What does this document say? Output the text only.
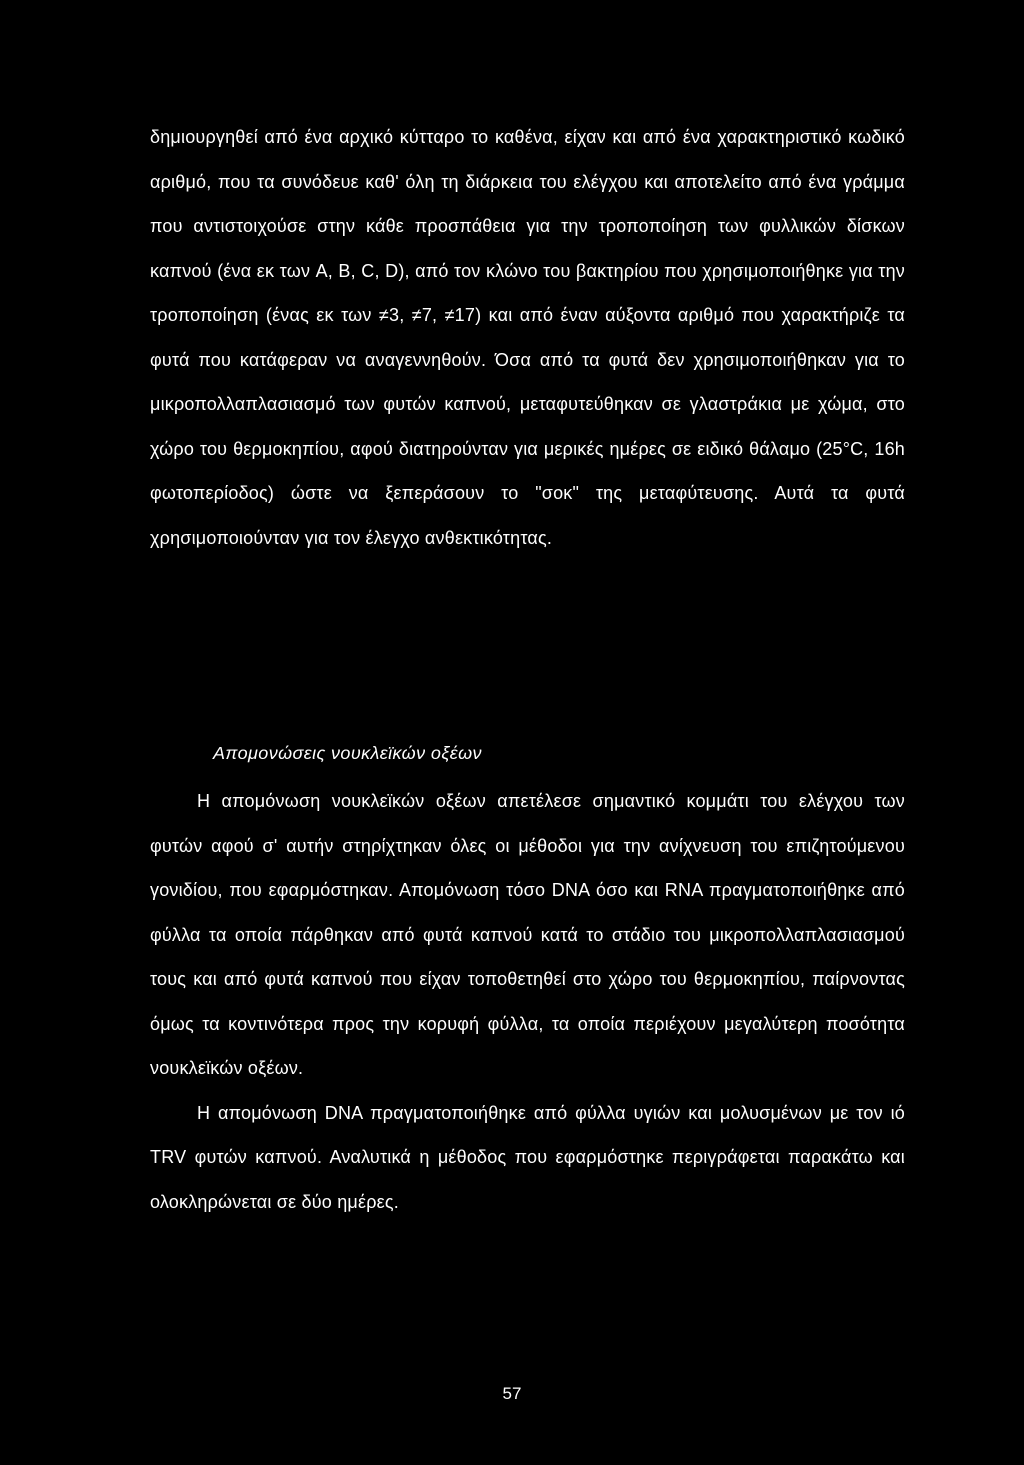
δημιουργηθεί από ένα αρχικό κύτταρο το καθένα, είχαν και από ένα χαρακτηριστικό κωδικό αριθμό, που τα συνόδευε καθ' όλη τη διάρκεια του ελέγχου και αποτελείτο από ένα γράμμα που αντιστοιχούσε στην κάθε προσπάθεια για την τροποποίηση των φυλλικών δίσκων καπνού (ένα εκ των A, B, C, D), από τον κλώνο του βακτηρίου που χρησιμοποιήθηκε για την τροποποίηση (ένας εκ των ≠3, ≠7, ≠17) και από έναν αύξοντα αριθμό που χαρακτήριζε τα φυτά που κατάφεραν να αναγεννηθούν. Όσα από τα φυτά δεν χρησιμοποιήθηκαν για το μικροπολλαπλασιασμό των φυτών καπνού, μεταφυτεύθηκαν σε γλαστράκια με χώμα, στο χώρο του θερμοκηπίου, αφού διατηρούνταν για μερικές ημέρες σε ειδικό θάλαμο (25°C, 16h φωτοπερίοδος) ώστε να ξεπεράσουν το "σοκ" της μεταφύτευσης. Αυτά τα φυτά χρησιμοποιούνταν για τον έλεγχο ανθεκτικότητας.

Απομονώσεις νουκλεϊκών οξέων

Η απομόνωση νουκλεϊκών οξέων απετέλεσε σημαντικό κομμάτι του ελέγχου των φυτών αφού σ' αυτήν στηρίχτηκαν όλες οι μέθοδοι για την ανίχνευση του επιζητούμενου γονιδίου, που εφαρμόστηκαν. Απομόνωση τόσο DNA όσο και RNA πραγματοποιήθηκε από φύλλα τα οποία πάρθηκαν από φυτά καπνού κατά το στάδιο του μικροπολλαπλασιασμού τους και από φυτά καπνού που είχαν τοποθετηθεί στο χώρο του θερμοκηπίου, παίρνοντας όμως τα κοντινότερα προς την κορυφή φύλλα, τα οποία περιέχουν μεγαλύτερη ποσότητα νουκλεϊκών οξέων.

Η απομόνωση DNA πραγματοποιήθηκε από φύλλα υγιών και μολυσμένων με τον ιό TRV φυτών καπνού. Αναλυτικά η μέθοδος που εφαρμόστηκε περιγράφεται παρακάτω και ολοκληρώνεται σε δύο ημέρες.

57
